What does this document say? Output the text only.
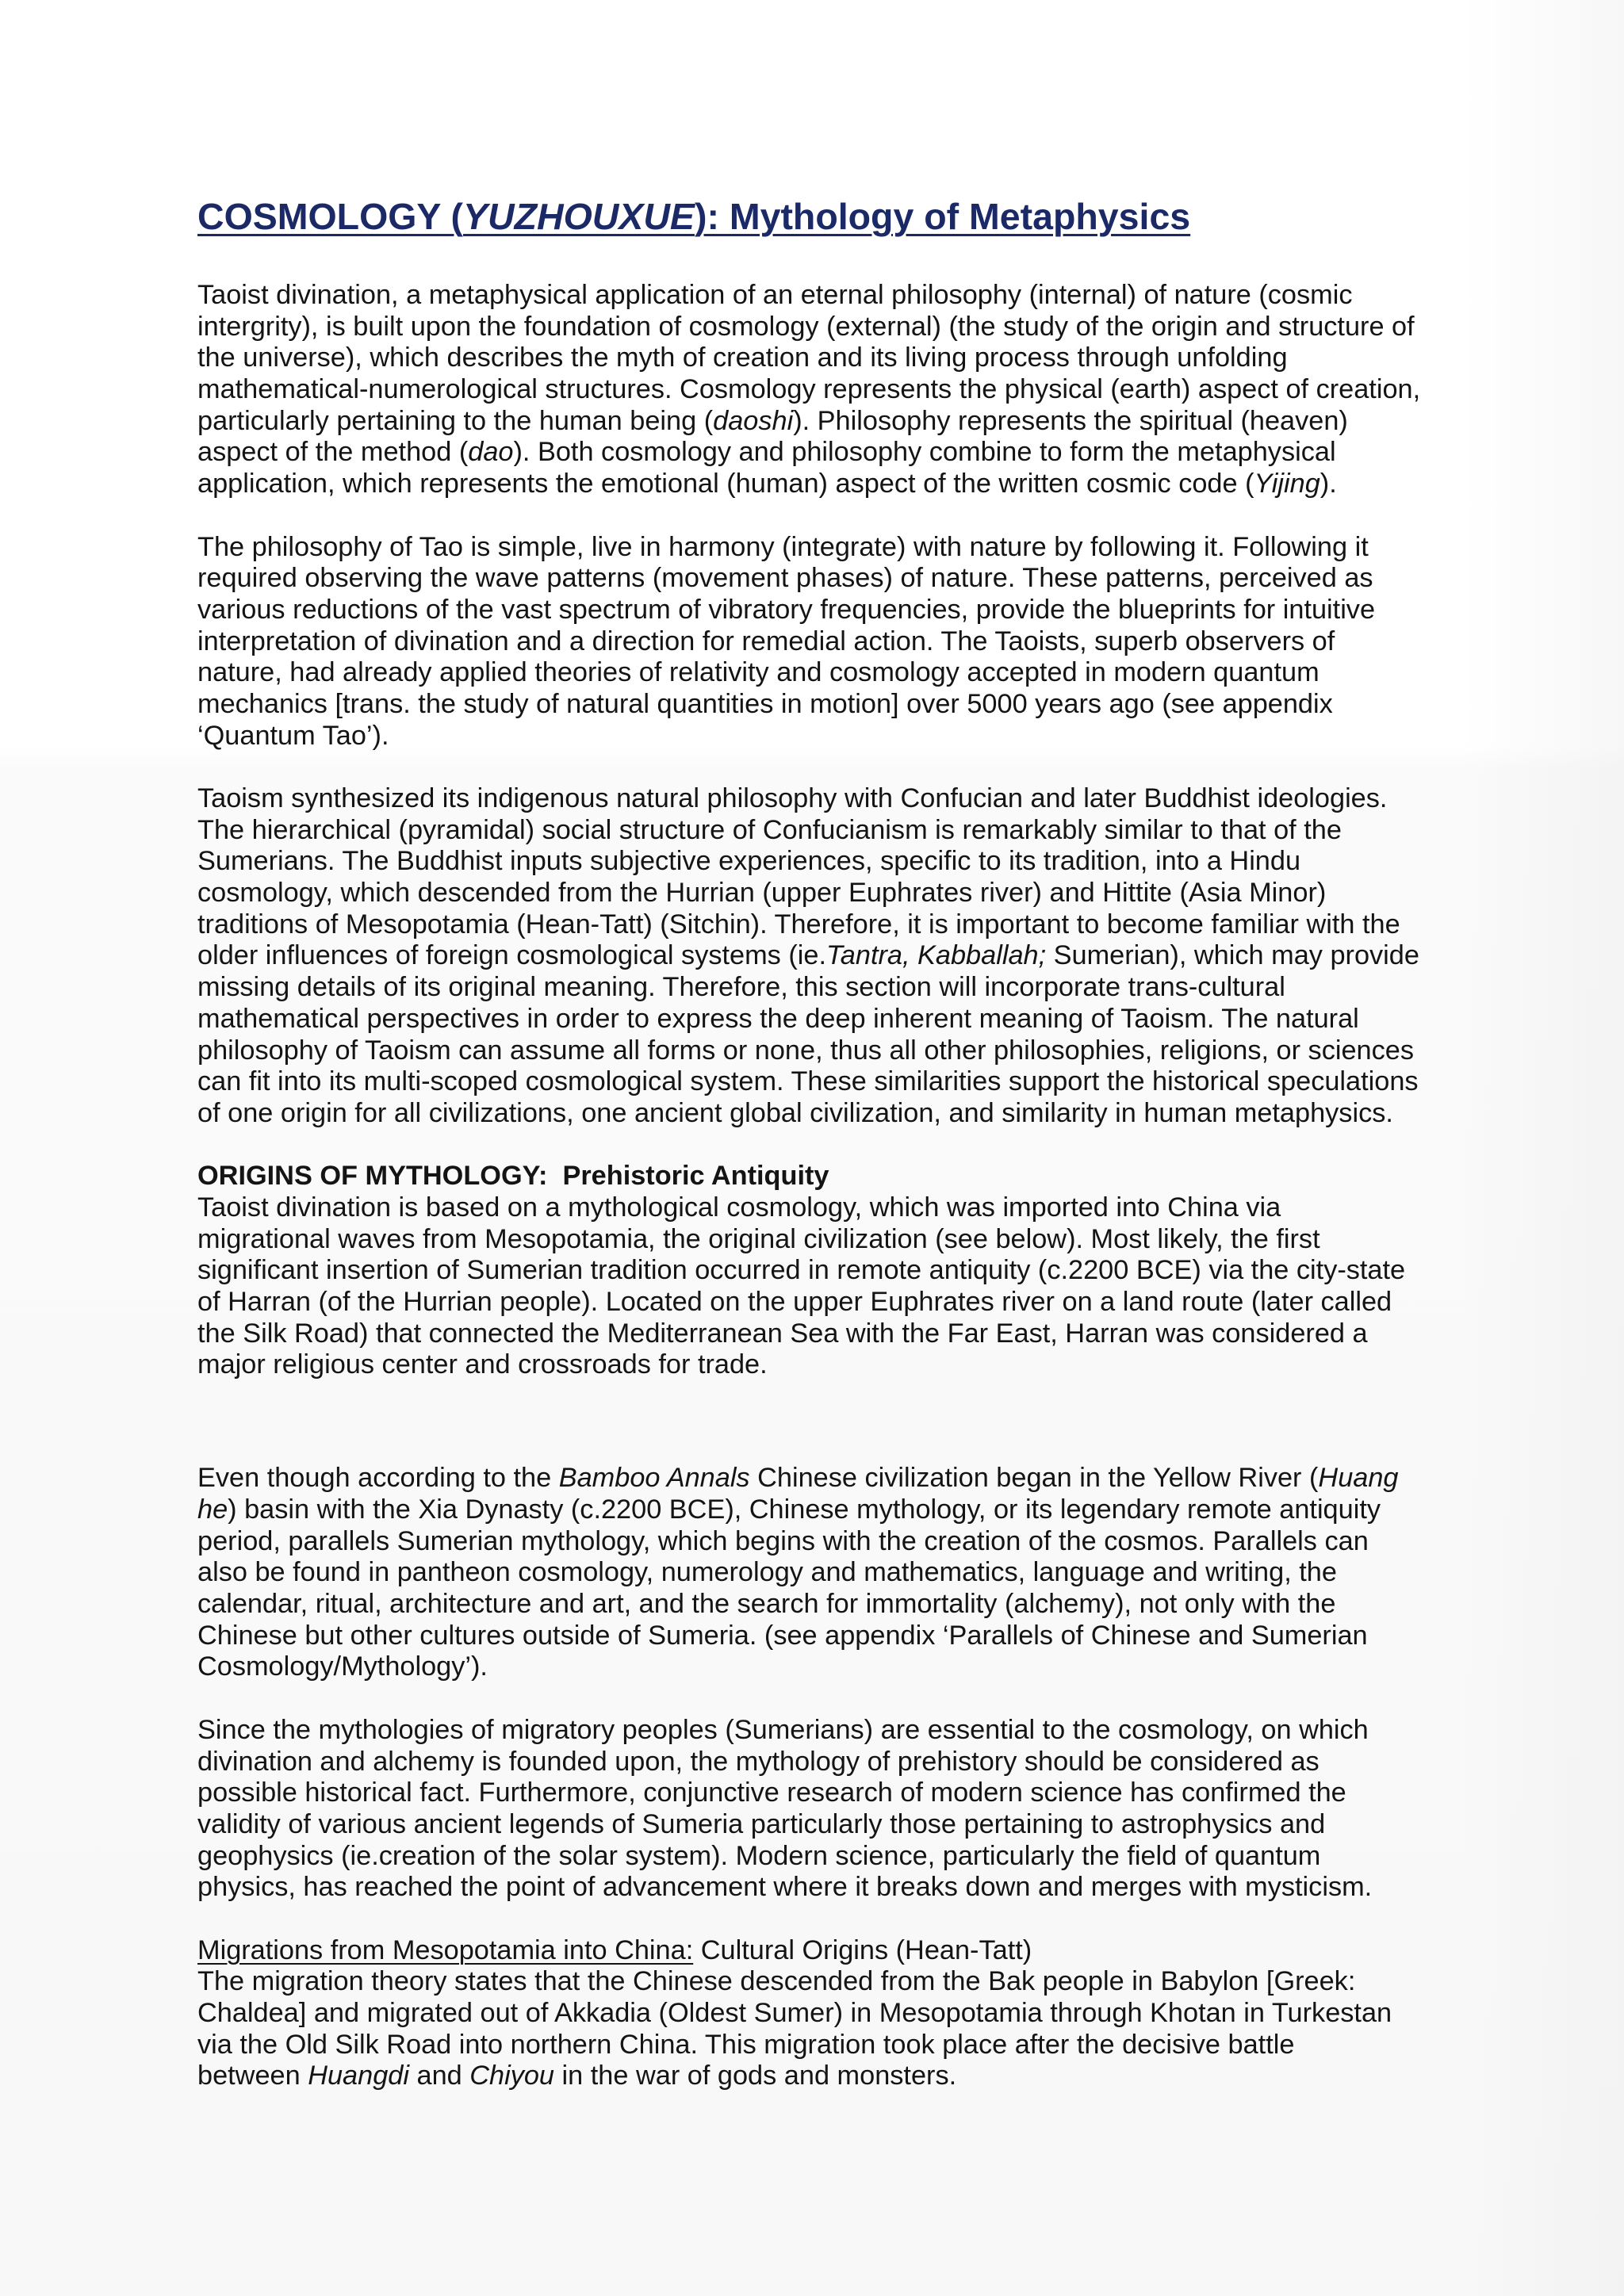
COSMOLOGY (YUZHOUXUE): Mythology of Metaphysics
Taoist divination, a metaphysical application of an eternal philosophy (internal) of nature (cosmic
intergrity), is built upon the foundation of cosmology (external) (the study of the origin and structure of
the universe), which describes the myth of creation and its living process through unfolding
mathematical-numerological structures. Cosmology represents the physical (earth) aspect of creation,
particularly pertaining to the human being (daoshi). Philosophy represents the spiritual (heaven)
aspect of the method (dao). Both cosmology and philosophy combine to form the metaphysical
application, which represents the emotional (human) aspect of the written cosmic code (Yijing).
The philosophy of Tao is simple, live in harmony (integrate) with nature by following it. Following it
required observing the wave patterns (movement phases) of nature. These patterns, perceived as
various reductions of the vast spectrum of vibratory frequencies, provide the blueprints for intuitive
interpretation of divination and a direction for remedial action. The Taoists, superb observers of
nature, had already applied theories of relativity and cosmology accepted in modern quantum
mechanics [trans. the study of natural quantities in motion] over 5000 years ago (see appendix
‘Quantum Tao’).
Taoism synthesized its indigenous natural philosophy with Confucian and later Buddhist ideologies.
The hierarchical (pyramidal) social structure of Confucianism is remarkably similar to that of the
Sumerians. The Buddhist inputs subjective experiences, specific to its tradition, into a Hindu
cosmology, which descended from the Hurrian (upper Euphrates river) and Hittite (Asia Minor)
traditions of Mesopotamia (Hean-Tatt) (Sitchin). Therefore, it is important to become familiar with the
older influences of foreign cosmological systems (ie.Tantra, Kabballah; Sumerian), which may provide
missing details of its original meaning. Therefore, this section will incorporate trans-cultural
mathematical perspectives in order to express the deep inherent meaning of Taoism. The natural
philosophy of Taoism can assume all forms or none, thus all other philosophies, religions, or sciences
can fit into its multi-scoped cosmological system. These similarities support the historical speculations
of one origin for all civilizations, one ancient global civilization, and similarity in human metaphysics.
ORIGINS OF MYTHOLOGY:  Prehistoric Antiquity
Taoist divination is based on a mythological cosmology, which was imported into China via
migrational waves from Mesopotamia, the original civilization (see below). Most likely, the first
significant insertion of Sumerian tradition occurred in remote antiquity (c.2200 BCE) via the city-state
of Harran (of the Hurrian people). Located on the upper Euphrates river on a land route (later called
the Silk Road) that connected the Mediterranean Sea with the Far East, Harran was considered a
major religious center and crossroads for trade.
Even though according to the Bamboo Annals Chinese civilization began in the Yellow River (Huang
he) basin with the Xia Dynasty (c.2200 BCE), Chinese mythology, or its legendary remote antiquity
period, parallels Sumerian mythology, which begins with the creation of the cosmos. Parallels can
also be found in pantheon cosmology, numerology and mathematics, language and writing, the
calendar, ritual, architecture and art, and the search for immortality (alchemy), not only with the
Chinese but other cultures outside of Sumeria. (see appendix ‘Parallels of Chinese and Sumerian
Cosmology/Mythology’).
Since the mythologies of migratory peoples (Sumerians) are essential to the cosmology, on which
divination and alchemy is founded upon, the mythology of prehistory should be considered as
possible historical fact. Furthermore, conjunctive research of modern science has confirmed the
validity of various ancient legends of Sumeria particularly those pertaining to astrophysics and
geophysics (ie.creation of the solar system). Modern science, particularly the field of quantum
physics, has reached the point of advancement where it breaks down and merges with mysticism.
Migrations from Mesopotamia into China: Cultural Origins (Hean-Tatt)
The migration theory states that the Chinese descended from the Bak people in Babylon [Greek:
Chaldea] and migrated out of Akkadia (Oldest Sumer) in Mesopotamia through Khotan in Turkestan
via the Old Silk Road into northern China. This migration took place after the decisive battle
between Huangdi and Chiyou in the war of gods and monsters.
